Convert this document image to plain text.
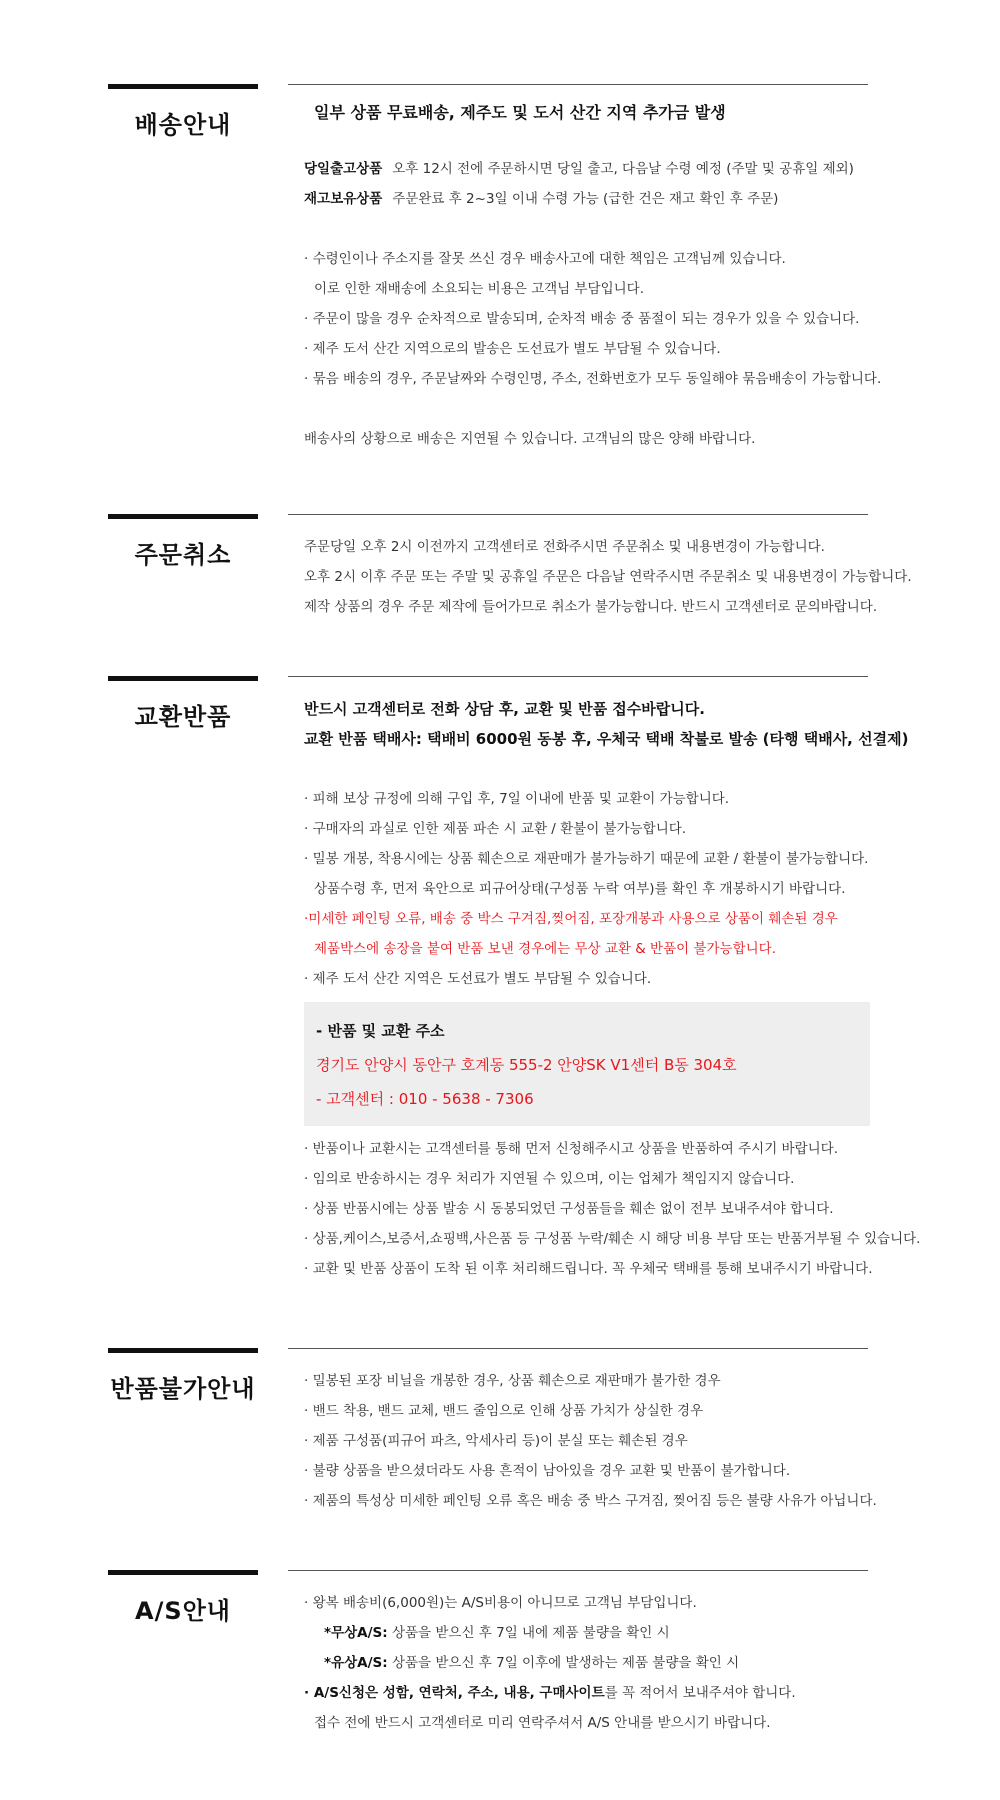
배송안내	일부 상품 무료배송, 제주도 및 도서 산간 지역 추가금 발생
당일출고상품 오후 12시 전에 주문하시면 당일 출고, 다음날 수령 예정 (주말 및 공휴일 제외)
재고보유상품 주문완료 후 2~3일 이내 수령 가능 (급한 건은 재고 확인 후 주문)
· 수령인이나 주소지를 잘못 쓰신 경우 배송사고에 대한 책임은 고객님께 있습니다.
이로 인한 재배송에 소요되는 비용은 고객님 부담입니다.
· 주문이 많을 경우 순차적으로 발송되며, 순차적 배송 중 품절이 되는 경우가 있을 수 있습니다.
· 제주 도서 산간 지역으로의 발송은 도선료가 별도 부담될 수 있습니다.
· 묶음 배송의 경우, 주문날짜와 수령인명, 주소, 전화번호가 모두 동일해야 묶음배송이 가능합니다.
배송사의 상황으로 배송은 지연될 수 있습니다. 고객님의 많은 양해 바랍니다.
주문취소	주문당일 오후 2시 이전까지 고객센터로 전화주시면 주문취소 및 내용변경이 가능합니다.
오후 2시 이후 주문 또는 주말 및 공휴일 주문은 다음날 연락주시면 주문취소 및 내용변경이 가능합니다.
제작 상품의 경우 주문 제작에 들어가므로 취소가 불가능합니다. 반드시 고객센터로 문의바랍니다.
교환반품	반드시 고객센터로 전화 상담 후, 교환 및 반품 접수바랍니다.
교환 반품 택배사: 택배비 6000원 동봉 후, 우체국 택배 착불로 발송 (타행 택배사, 선결제)
· 피해 보상 규정에 의해 구입 후, 7일 이내에 반품 및 교환이 가능합니다.
· 구매자의 과실로 인한 제품 파손 시 교환 / 환불이 불가능합니다.
· 밀봉 개봉, 착용시에는 상품 훼손으로 재판매가 불가능하기 때문에 교환 / 환불이 불가능합니다.
상품수령 후, 먼저 육안으로 피규어상태(구성품 누락 여부)를 확인 후 개봉하시기 바랍니다.
·미세한 페인팅 오류, 배송 중 박스 구겨짐,찢어짐, 포장개봉과 사용으로 상품이 훼손된 경우
제품박스에 송장을 붙여 반품 보낸 경우에는 무상 교환 & 반품이 불가능합니다.
· 제주 도서 산간 지역은 도선료가 별도 부담될 수 있습니다.
- 반품 및 교환 주소
경기도 안양시 동안구 호계동 555-2 안양SK V1센터 B동 304호
- 고객센터 : 010 - 5638 - 7306
· 반품이나 교환시는 고객센터를 통해 먼저 신청해주시고 상품을 반품하여 주시기 바랍니다.
· 임의로 반송하시는 경우 처리가 지연될 수 있으며, 이는 업체가 책임지지 않습니다.
· 상품 반품시에는 상품 발송 시 동봉되었던 구성품들을 훼손 없이 전부 보내주셔야 합니다.
· 상품,케이스,보증서,쇼핑백,사은품 등 구성품 누락/훼손 시 해당 비용 부담 또는 반품거부될 수 있습니다.
· 교환 및 반품 상품이 도착 된 이후 처리해드립니다. 꼭 우체국 택배를 통해 보내주시기 바랍니다.
반품불가안내	· 밀봉된 포장 비닐을 개봉한 경우, 상품 훼손으로 재판매가 불가한 경우
· 밴드 착용, 밴드 교체, 밴드 줄임으로 인해 상품 가치가 상실한 경우
· 제품 구성품(피규어 파츠, 악세사리 등)이 분실 또는 훼손된 경우
· 불량 상품을 받으셨더라도 사용 흔적이 남아있을 경우 교환 및 반품이 불가합니다.
· 제품의 특성상 미세한 페인팅 오류 혹은 배송 중 박스 구겨짐, 찢어짐 등은 불량 사유가 아닙니다.
A/S안내	· 왕복 배송비(6,000원)는 A/S비용이 아니므로 고객님 부담입니다.
*무상A/S: 상품을 받으신 후 7일 내에 제품 불량을 확인 시
*유상A/S: 상품을 받으신 후 7일 이후에 발생하는 제품 불량을 확인 시
· A/S신청은 성함, 연락처, 주소, 내용, 구매사이트를 꼭 적어서 보내주셔야 합니다.
접수 전에 반드시 고객센터로 미리 연락주셔서 A/S 안내를 받으시기 바랍니다.
